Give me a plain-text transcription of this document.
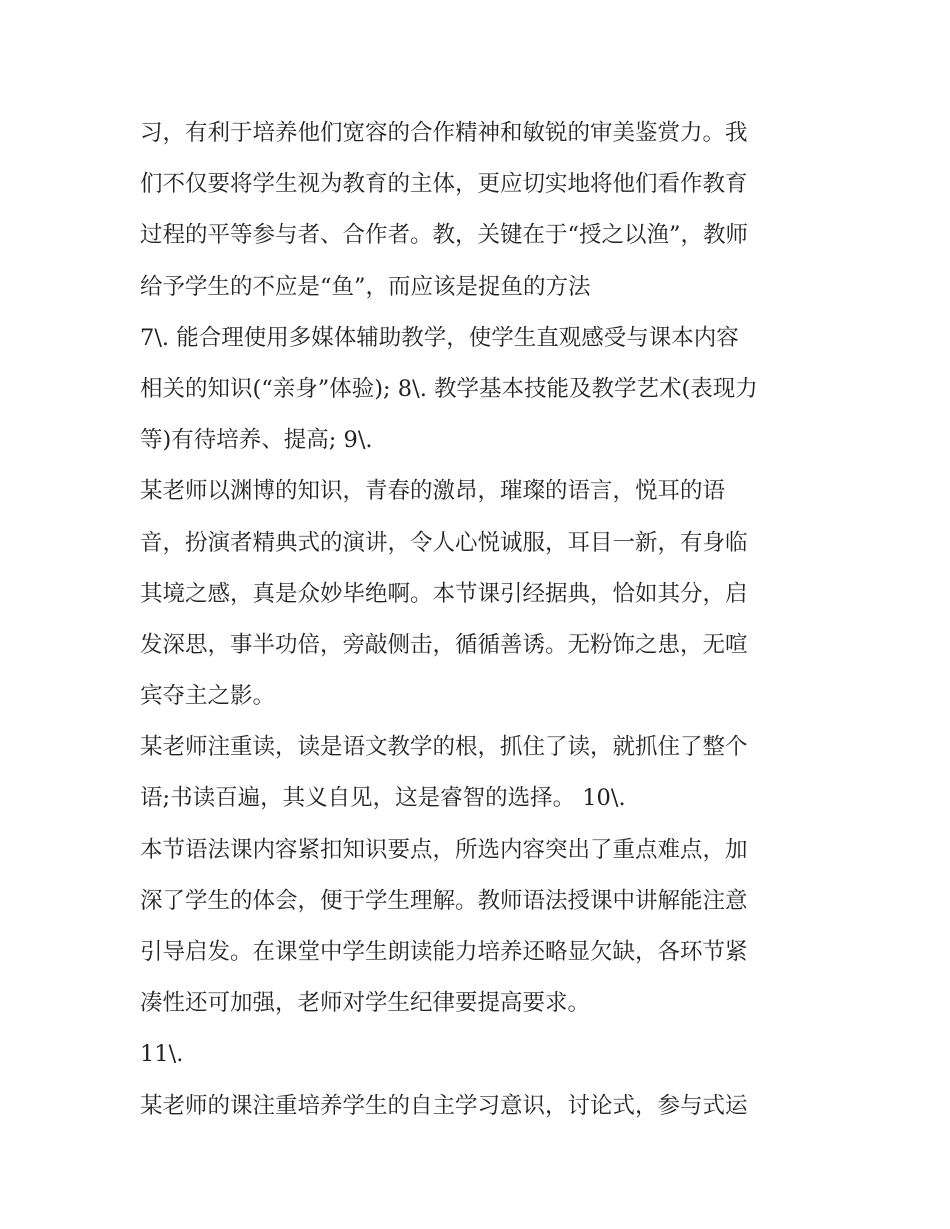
习，有利于培养他们宽容的合作精神和敏锐的审美鉴赏力。我
们不仅要将学生视为教育的主体，更应切实地将他们看作教育
过程的平等参与者、合作者。教，关键在于“授之以渔”，教师
给予学生的不应是“鱼”，而应该是捉鱼的方法
7\. 能合理使用多媒体辅助教学，使学生直观感受与课本内容
相关的知识(“亲身”体验); 8\. 教学基本技能及教学艺术(表现力
等)有待培养、提高; 9\.
某老师以渊博的知识，青春的激昂，璀璨的语言，悦耳的语
音，扮演者精典式的演讲，令人心悦诚服，耳目一新，有身临
其境之感，真是众妙毕绝啊。本节课引经据典，恰如其分，启
发深思，事半功倍，旁敲侧击，循循善诱。无粉饰之患，无喧
宾夺主之影。
某老师注重读，读是语文教学的根，抓住了读，就抓住了整个
语;书读百遍，其义自见，这是睿智的选择。 10\.
本节语法课内容紧扣知识要点，所选内容突出了重点难点，加
深了学生的体会，便于学生理解。教师语法授课中讲解能注意
引导启发。在课堂中学生朗读能力培养还略显欠缺，各环节紧
凑性还可加强，老师对学生纪律要提高要求。
11\.
某老师的课注重培养学生的自主学习意识，讨论式，参与式运
